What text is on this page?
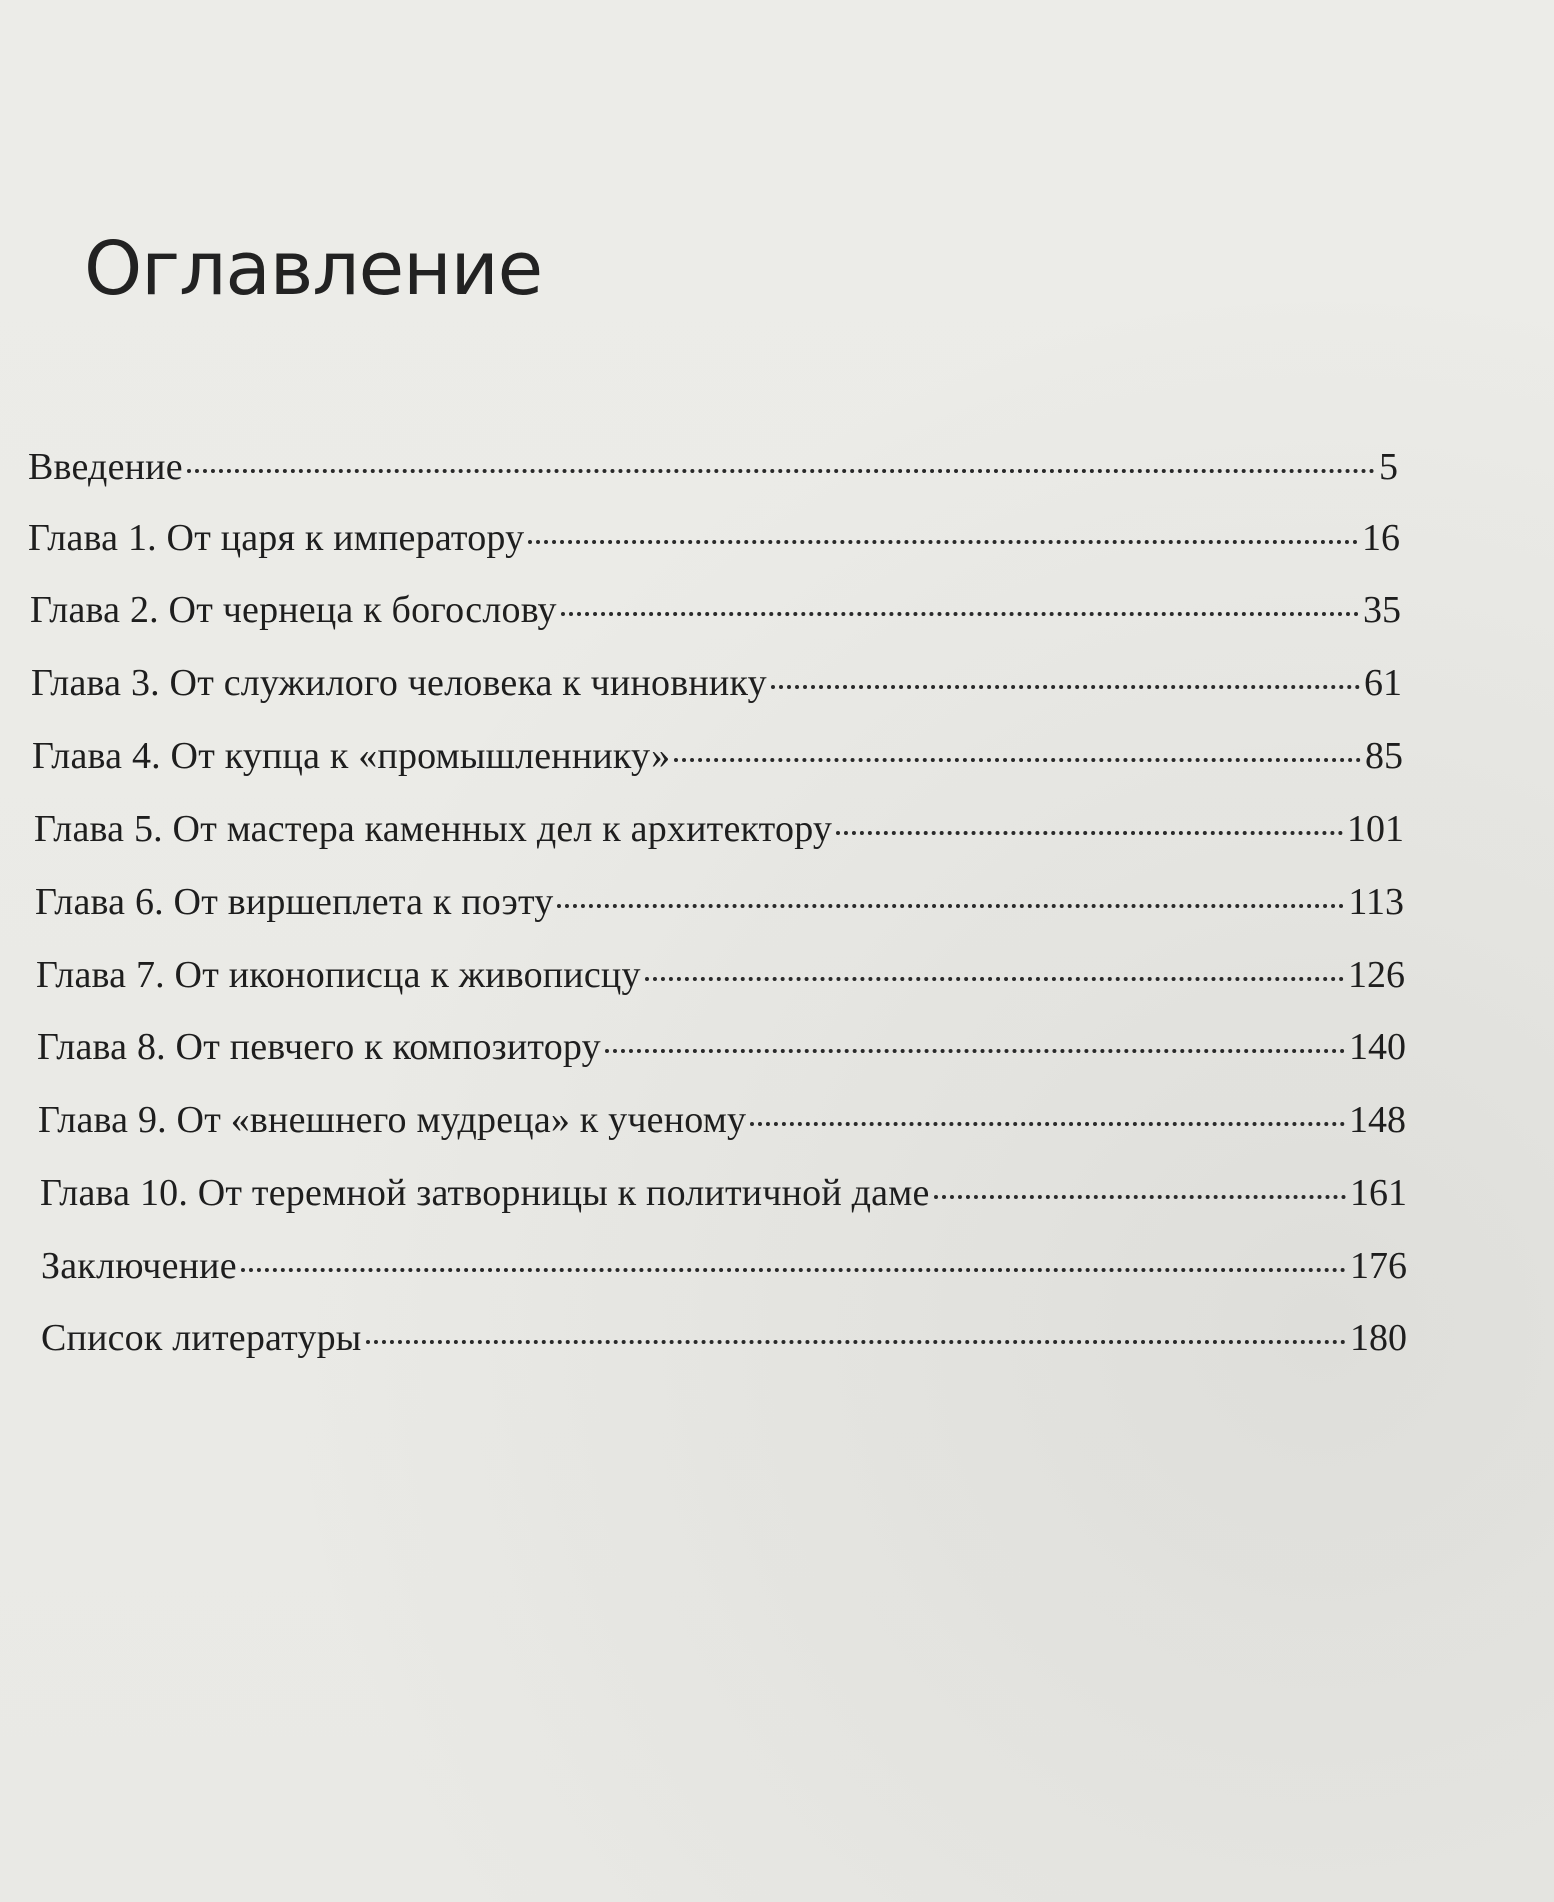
Оглавление
Введение	5
Глава 1. От царя к императору	16
Глава 2. От чернеца к богослову	35
Глава 3. От служилого человека к чиновнику	61
Глава 4. От купца к «промышленнику»	85
Глава 5. От мастера каменных дел к архитектору	101
Глава 6. От виршеплета к поэту	113
Глава 7. От иконописца к живописцу	126
Глава 8. От певчего к композитору	140
Глава 9. От «внешнего мудреца» к ученому	148
Глава 10. От теремной затворницы к политичной даме	161
Заключение	176
Список литературы	180
